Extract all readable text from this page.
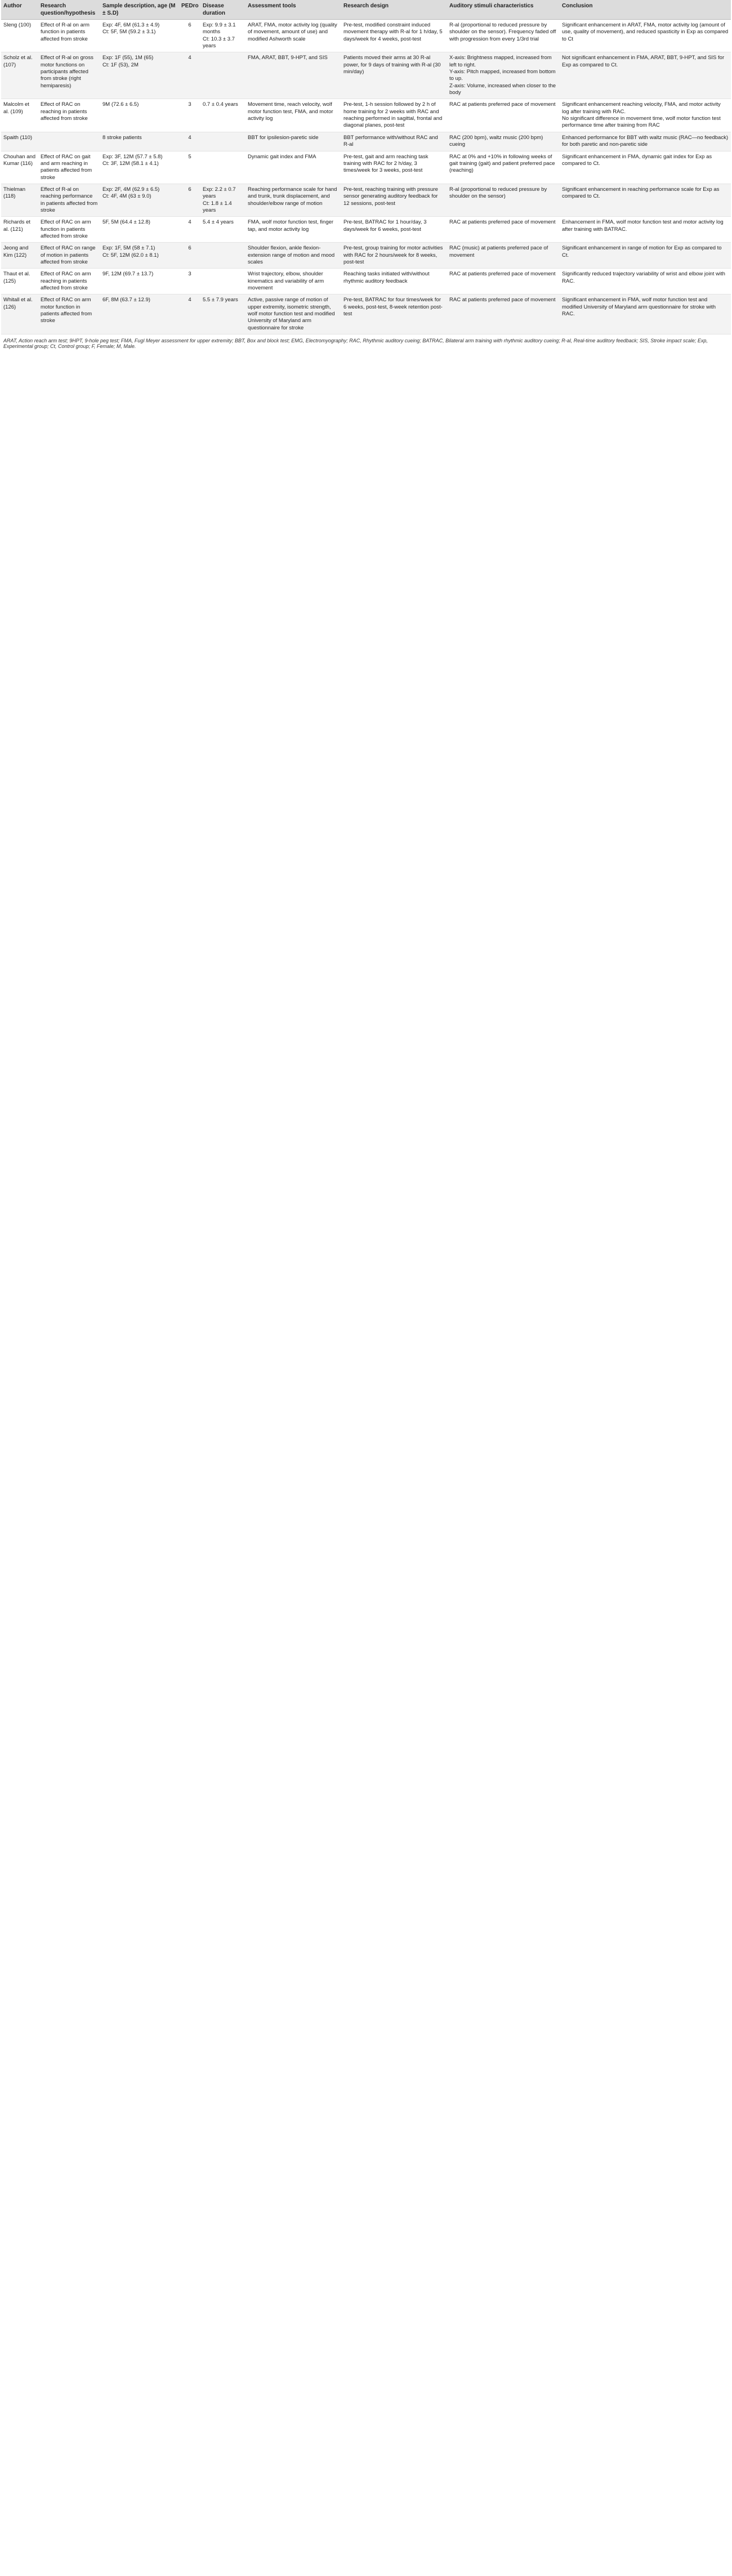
Author	Research question/hypothesis	Sample description, age (M ± S.D)	PEDro	Disease duration	Assessment tools	Research design	Auditory stimuli characteristics	Conclusion
Sleng (100)	Effect of R-al on arm function in patients affected from stroke	Exp: 4F, 6M (61.3 ± 4.9)
Ct: 5F, 5M (59.2 ± 3.1)	6	Exp: 9.9 ± 3.1 months
Ct: 10.3 ± 3.7 years	ARAT, FMA, motor activity log (quality of movement, amount of use) and modified Ashworth scale	Pre-test, modified constraint induced movement therapy with R-al for 1 h/day, 5 days/week for 4 weeks, post-test	R-al (proportional to reduced pressure by shoulder on the sensor). Frequency faded off with progression from every 1/3rd trial	Significant enhancement in ARAT, FMA, motor activity log (amount of use, quality of movement), and reduced spasticity in Exp as compared to Ct
Scholz et al. (107)	Effect of R-al on gross motor functions on participants affected from stroke (right hemiparesis)	Exp: 1F (55), 1M (65)
Ct: 1F (53), 2M	4		FMA, ARAT, BBT, 9-HPT, and SIS	Patients moved their arms at 30 R-al power, for 9 days of training with R-al (30 min/day)	X-axis: Brightness mapped, increased from left to right.
Y-axis: Pitch mapped, increased from bottom to up.
Z-axis: Volume, increased when closer to the body	Not significant enhancement in FMA, ARAT, BBT, 9-HPT, and SIS for Exp as compared to Ct.
Malcolm et al. (109)	Effect of RAC on reaching in patients affected from stroke	9M (72.6 ± 6.5)	3	0.7 ± 0.4 years	Movement time, reach velocity, wolf motor function test, FMA, and motor activity log	Pre-test, 1-h session followed by 2 h of home training for 2 weeks with RAC and reaching performed in sagittal, frontal and diagonal planes, post-test	RAC at patients preferred pace of movement	Significant enhancement reaching velocity, FMA, and motor activity log after training with RAC.
No significant difference in movement time, wolf motor function test performance time after training from RAC
Spaith (110)		8 stroke patients	4		BBT for ipsilesion-paretic side	BBT performance with/without RAC and R-al	RAC (200 bpm), waltz music (200 bpm) cueing	Enhanced performance for BBT with waltz music (RAC—no feedback) for both paretic and non-paretic side
Chouhan and Kumar (116)	Effect of RAC on gait and arm reaching in patients affected from stroke	Exp: 3F, 12M (57.7 ± 5.8)
Ct: 3F, 12M (58.1 ± 4.1)	5		Dynamic gait index and FMA	Pre-test, gait and arm reaching task training with RAC for 2 h/day, 3 times/week for 3 weeks, post-test	RAC at 0% and +10% in following weeks of gait training (gait) and patient preferred pace (reaching)	Significant enhancement in FMA, dynamic gait index for Exp as compared to Ct.
Thielman (118)	Effect of R-al on reaching performance in patients affected from stroke	Exp: 2F, 4M (62.9 ± 6.5)
Ct: 4F, 4M (63 ± 9.0)	6	Exp: 2.2 ± 0.7 years
Ct: 1.8 ± 1.4 years	Reaching performance scale for hand and trunk, trunk displacement, and shoulder/elbow range of motion	Pre-test, reaching training with pressure sensor generating auditory feedback for 12 sessions, post-test	R-al (proportional to reduced pressure by shoulder on the sensor)	Significant enhancement in reaching performance scale for Exp as compared to Ct.
Richards et al. (121)	Effect of RAC on arm function in patients affected from stroke	5F, 5M (64.4 ± 12.8)	4	5.4 ± 4 years	FMA, wolf motor function test, finger tap, and motor activity log	Pre-test, BATRAC for 1 hour/day, 3 days/week for 6 weeks, post-test	RAC at patients preferred pace of movement	Enhancement in FMA, wolf motor function test and motor activity log after training with BATRAC.
Jeong and Kim (122)	Effect of RAC on range of motion in patients affected from stroke	Exp: 1F, 5M (58 ± 7.1)
Ct: 5F, 12M (62.0 ± 8.1)	6		Shoulder flexion, ankle flexion-extension range of motion and mood scales	Pre-test, group training for motor activities with RAC for 2 hours/week for 8 weeks, post-test	RAC (music) at patients preferred pace of movement	Significant enhancement in range of motion for Exp as compared to Ct.
Thaut et al. (125)	Effect of RAC on arm reaching in patients affected from stroke	9F, 12M (69.7 ± 13.7)	3		Wrist trajectory, elbow, shoulder kinematics and variability of arm movement	Reaching tasks initiated with/without rhythmic auditory feedback	RAC at patients preferred pace of movement	Significantly reduced trajectory variability of wrist and elbow joint with RAC.
Whitall et al. (126)	Effect of RAC on arm motor function in patients affected from stroke	6F, 8M (63.7 ± 12.9)	4	5.5 ± 7.9 years	Active, passive range of motion of upper extremity, isometric strength, wolf motor function test and modified University of Maryland arm questionnaire for stroke	Pre-test, BATRAC for four times/week for 6 weeks, post-test, 8-week retention post-test	RAC at patients preferred pace of movement	Significant enhancement in FMA, wolf motor function test and modified University of Maryland arm questionnaire for stroke with RAC.
ARAT, Action reach arm test; 9HPT, 9-hole peg test; FMA, Fugl Meyer assessment for upper extremity; BBT, Box and block test; EMG, Electromyography; RAC, Rhythmic auditory cueing; BATRAC, Bilateral arm training with rhythmic auditory cueing; R-al, Real-time auditory feedback; SIS, Stroke impact scale; Exp, Experimental group; Ct, Control group; F, Female; M, Male.
